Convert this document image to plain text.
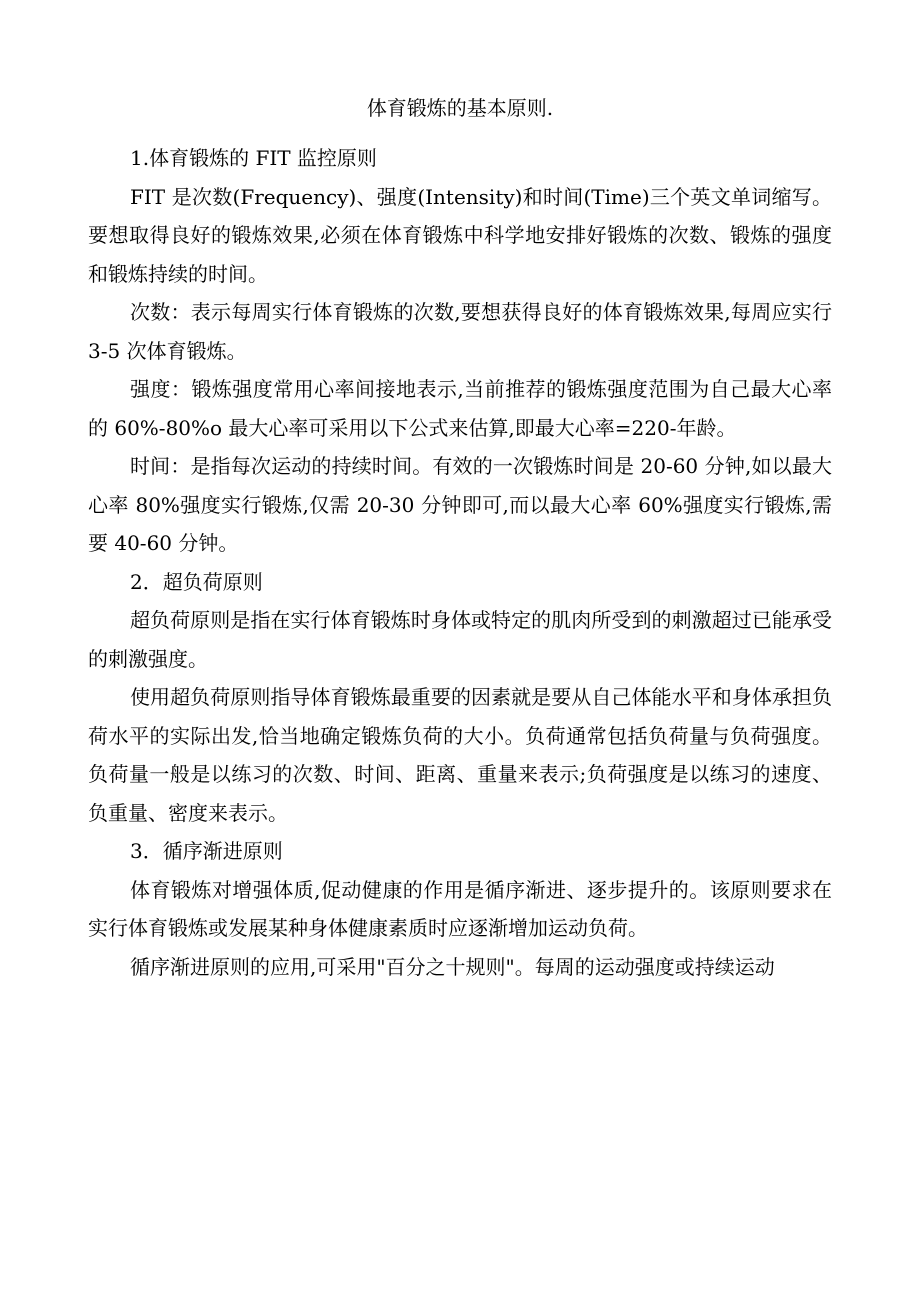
体育锻炼的基本原则.

1.体育锻炼的 FIT 监控原则

FIT 是次数(Frequency)、强度(Intensity)和时间(Time)三个英文单词缩写。要想取得良好的锻炼效果,必须在体育锻炼中科学地安排好锻炼的次数、锻炼的强度和锻炼持续的时间。

次数：表示每周实行体育锻炼的次数,要想获得良好的体育锻炼效果,每周应实行 3-5 次体育锻炼。

强度：锻炼强度常用心率间接地表示,当前推荐的锻炼强度范围为自己最大心率的 60%-80%o 最大心率可采用以下公式来估算,即最大心率=220-年龄。

时间：是指每次运动的持续时间。有效的一次锻炼时间是 20-60 分钟,如以最大心率 80%强度实行锻炼,仅需 20-30 分钟即可,而以最大心率 60%强度实行锻炼,需要 40-60 分钟。

2．超负荷原则

超负荷原则是指在实行体育锻炼时身体或特定的肌肉所受到的刺激超过已能承受的刺激强度。

使用超负荷原则指导体育锻炼最重要的因素就是要从自己体能水平和身体承担负荷水平的实际出发,恰当地确定锻炼负荷的大小。负荷通常包括负荷量与负荷强度。负荷量一般是以练习的次数、时间、距离、重量来表示;负荷强度是以练习的速度、负重量、密度来表示。

3．循序渐进原则

体育锻炼对增强体质,促动健康的作用是循序渐进、逐步提升的。该原则要求在实行体育锻炼或发展某种身体健康素质时应逐渐增加运动负荷。

循序渐进原则的应用,可采用"百分之十规则"。每周的运动强度或持续运动
